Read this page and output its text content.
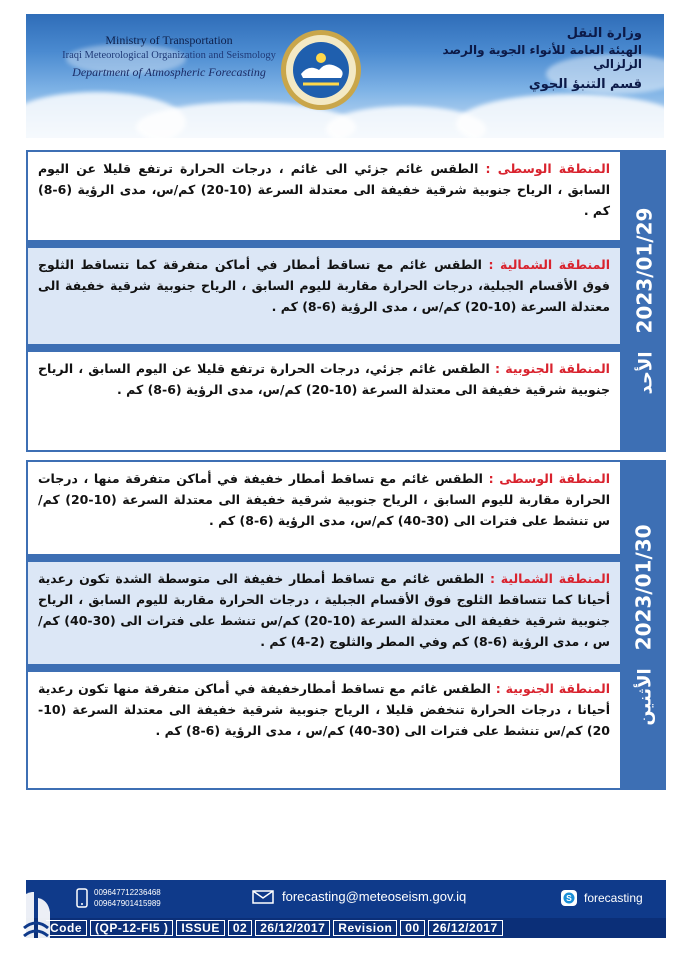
Ministry of Transportation
Iraqi Meteorological Organization and Seismology
Department of Atmospheric Forecasting
وزارة النقل
الهيئة العامة للأنواء الجوية والرصد الزلزالي
قسم التنبؤ الجوي
المنطقة الوسطى : الطقس غائم جزئي الى غائم ، درجات الحرارة ترتفع قليلا عن اليوم السابق ، الرياح جنوبية شرقية خفيفة الى معتدلة السرعة (10-20) كم/س، مدى الرؤية (6-8) كم .
المنطقة الشمالية : الطقس غائم مع تساقط أمطار في أماكن متفرقة كما تتساقط الثلوج فوق الأقسام الجبلية، درجات الحرارة مقاربة لليوم السابق ، الرياح جنوبية شرقية خفيفة الى معتدلة السرعة (10-20) كم/س ، مدى الرؤية (6-8) كم .
المنطقة الجنوبية : الطقس غائم جزئي، درجات الحرارة ترتفع قليلا عن اليوم السابق ، الرياح جنوبية شرقية خفيفة الى معتدلة السرعة (10-20) كم/س، مدى الرؤية (6-8) كم .
2023/01/29
الأحد
المنطقة الوسطى : الطقس غائم مع تساقط أمطار خفيفة في أماكن متفرقة منها ، درجات الحرارة مقاربة لليوم السابق ، الرياح جنوبية شرقية خفيفة الى معتدلة السرعة (10-20) كم/س تنشط على فترات الى (30-40) كم/س، مدى الرؤية (6-8) كم .
المنطقة الشمالية : الطقس غائم مع تساقط أمطار خفيفة الى متوسطة الشدة تكون رعدية أحيانا كما تتساقط الثلوج فوق الأقسام الجبلية ، درجات الحرارة مقاربة لليوم السابق ، الرياح جنوبية شرقية خفيفة الى معتدلة السرعة (10-20) كم/س تنشط على فترات الى (30-40) كم/س ، مدى الرؤية (6-8) كم وفي المطر والثلوج (2-4) كم .
المنطقة الجنوبية : الطقس غائم مع تساقط أمطارخفيفة في أماكن متفرقة منها تكون رعدية أحيانا ، درجات الحرارة تنخفض قليلا ، الرياح جنوبية شرقية خفيفة الى معتدلة السرعة (10-20) كم/س تنشط على فترات الى (30-40) كم/س ، مدى الرؤية (6-8) كم .
2023/01/30
الأثنين
009647712236468
009647901415989	forecasting@meteoseism.gov.iq	S forecasting
Code	(QP-12-FI5 )	ISSUE	02	26/12/2017	Revision	00	26/12/2017
